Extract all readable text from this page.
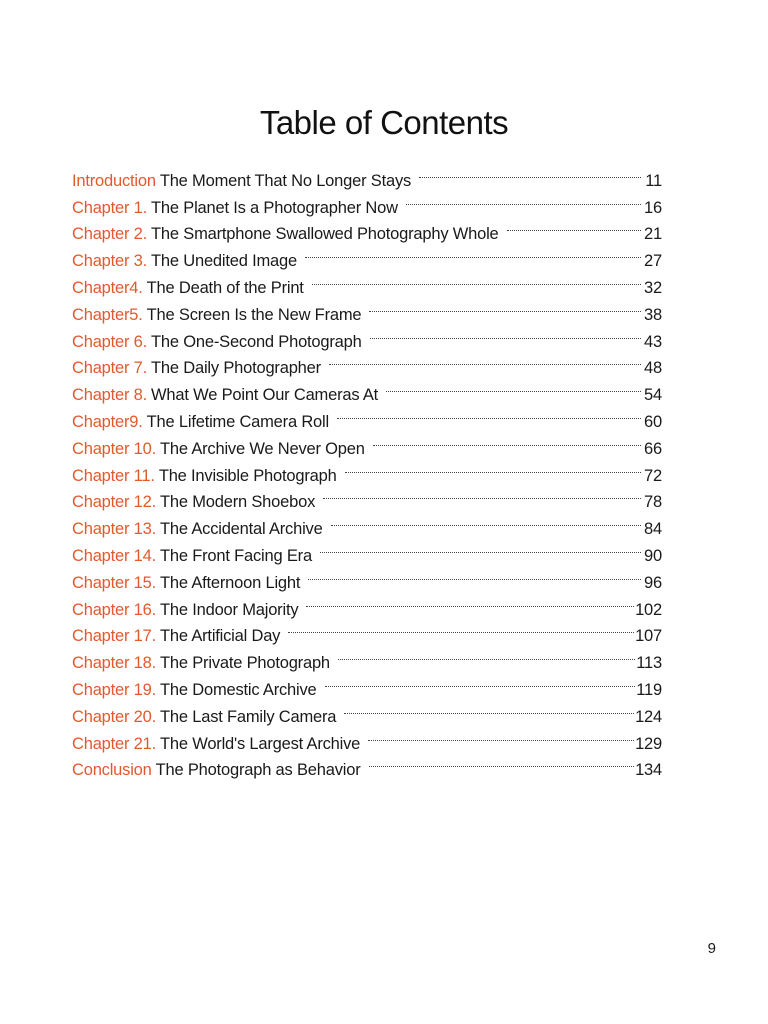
Table of Contents
Introduction The Moment That No Longer Stays	11
Chapter 1. The Planet Is a Photographer Now	16
Chapter 2. The Smartphone Swallowed Photography Whole	21
Chapter 3. The Unedited Image	27
Chapter4. The Death of the Print	32
Chapter5. The Screen Is the New Frame	38
Chapter 6. The One-Second Photograph	43
Chapter 7. The Daily Photographer	48
Chapter 8. What We Point Our Cameras At	54
Chapter9. The Lifetime Camera Roll	60
Chapter 10. The Archive We Never Open	66
Chapter 11. The Invisible Photograph	72
Chapter 12. The Modern Shoebox	78
Chapter 13. The Accidental Archive	84
Chapter 14. The Front Facing Era	90
Chapter 15. The Afternoon Light	96
Chapter 16. The Indoor Majority	102
Chapter 17. The Artificial Day	107
Chapter 18. The Private Photograph	113
Chapter 19. The Domestic Archive	119
Chapter 20. The Last Family Camera	124
Chapter 21. The World's Largest Archive	129
Conclusion The Photograph as Behavior	134
9
